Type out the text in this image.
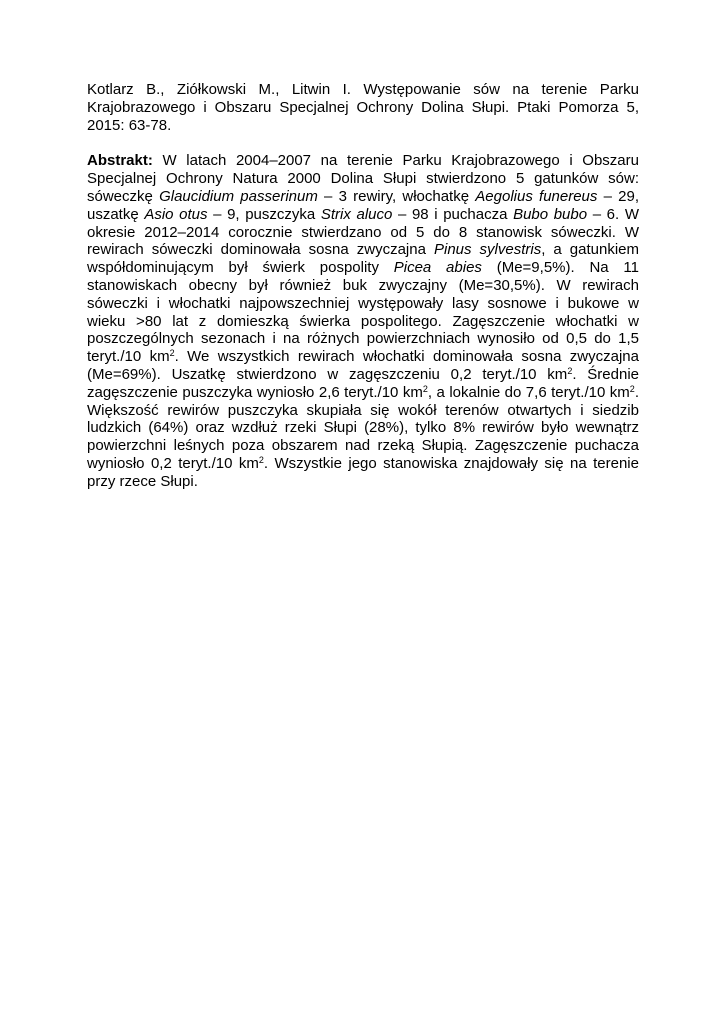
Kotlarz B., Ziółkowski M., Litwin I. Występowanie sów na terenie Parku Krajobrazowego i Obszaru Specjalnej Ochrony Dolina Słupi. Ptaki Pomorza 5, 2015: 63-78.

Abstrakt: W latach 2004–2007 na terenie Parku Krajobrazowego i Obszaru Specjalnej Ochrony Natura 2000 Dolina Słupi stwierdzono 5 gatunków sów: sóweczkę Glaucidium passerinum – 3 rewiry, włochatkę Aegolius funereus – 29, uszatkę Asio otus – 9, puszczyka Strix aluco – 98 i puchacza Bubo bubo – 6. W okresie 2012–2014 corocznie stwierdzano od 5 do 8 stanowisk sóweczki. W rewirach sóweczki dominowała sosna zwyczajna Pinus sylvestris, a gatunkiem współdominującym był świerk pospolity Picea abies (Me=9,5%). Na 11 stanowiskach obecny był również buk zwyczajny (Me=30,5%). W rewirach sóweczki i włochatki najpowszechniej występowały lasy sosnowe i bukowe w wieku >80 lat z domieszką świerka pospolitego. Zagęszczenie włochatki w poszczególnych sezonach i na różnych powierzchniach wynosiło od 0,5 do 1,5 teryt./10 $km^2$. We wszystkich rewirach włochatki dominowała sosna zwyczajna (Me=69%). Uszatkę stwierdzono w zagęszczeniu 0,2 teryt./10 $km^2$. Średnie zagęszczenie puszczyka wyniosło 2,6 teryt./10 $km^2$, a lokalnie do 7,6 teryt./10 $km^2$. Większość rewirów puszczyka skupiała się wokół terenów otwartych i siedzib ludzkich (64%) oraz wzdłuż rzeki Słupi (28%), tylko 8% rewirów było wewnątrz powierzchni leśnych poza obszarem nad rzeką Słupią. Zagęszczenie puchacza wyniosło 0,2 teryt./10 $km^2$. Wszystkie jego stanowiska znajdowały się na terenie przy rzece Słupi.
